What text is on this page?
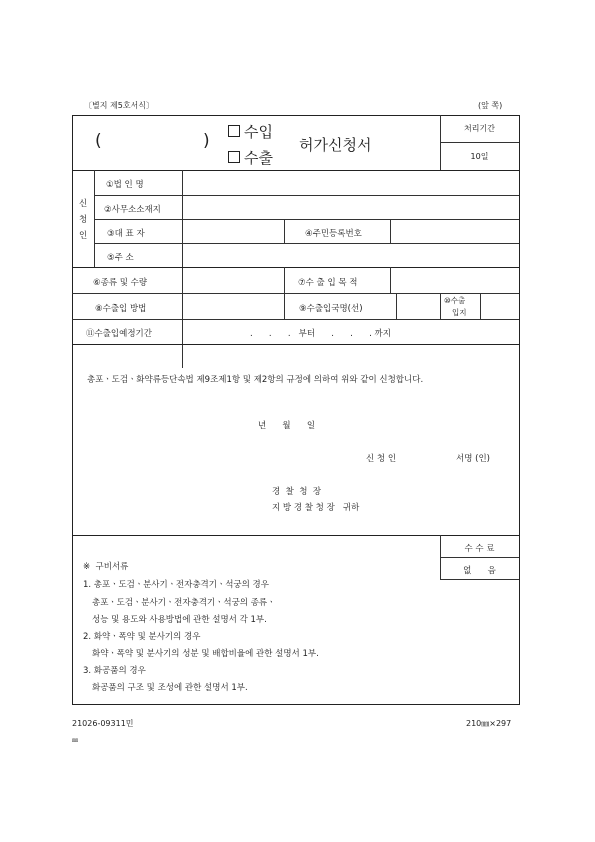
〔별지 제5호서식〕	(앞 쪽)
(	) 수입
수출
허가신청서
처리기간
10일
신
청
인
①법 인 명
②사무소소재지
③대 표 자	④주민등록번호
⑤주 소
⑥종류 및 수량	⑦수 출 입 목 적
⑧수출입 방법	⑨수출입국명(선)
⑩수출
입지
⑪수출입예정기간	.      .      .   부터      .      .      . 까지
총포ㆍ도검ㆍ화약류등단속법 제9조제1항 및 제2항의 규정에 의하여 위와 같이 신청합니다.
년      월      일
신 청 인	서명 (인)
경  찰  청  장
지 방 경 찰 청 장   귀하
수 수 료
없      음
※  구비서류
1. 총포ㆍ도검ㆍ분사기ㆍ전자충격기ㆍ석궁의 경우
총포ㆍ도검ㆍ분사기ㆍ전자충격기ㆍ석궁의 종류ㆍ
성능 및 용도와 사용방법에 관한 설명서 각 1부.
2. 화약ㆍ폭약 및 분사기의 경우
화약ㆍ폭약 및 분사기의 성분 및 배합비율에 관한 설명서 1부.
3. 화공품의 경우
화공품의 구조 및 조성에 관한 설명서 1부.
21026-09311민
㎜
210㎜×297
